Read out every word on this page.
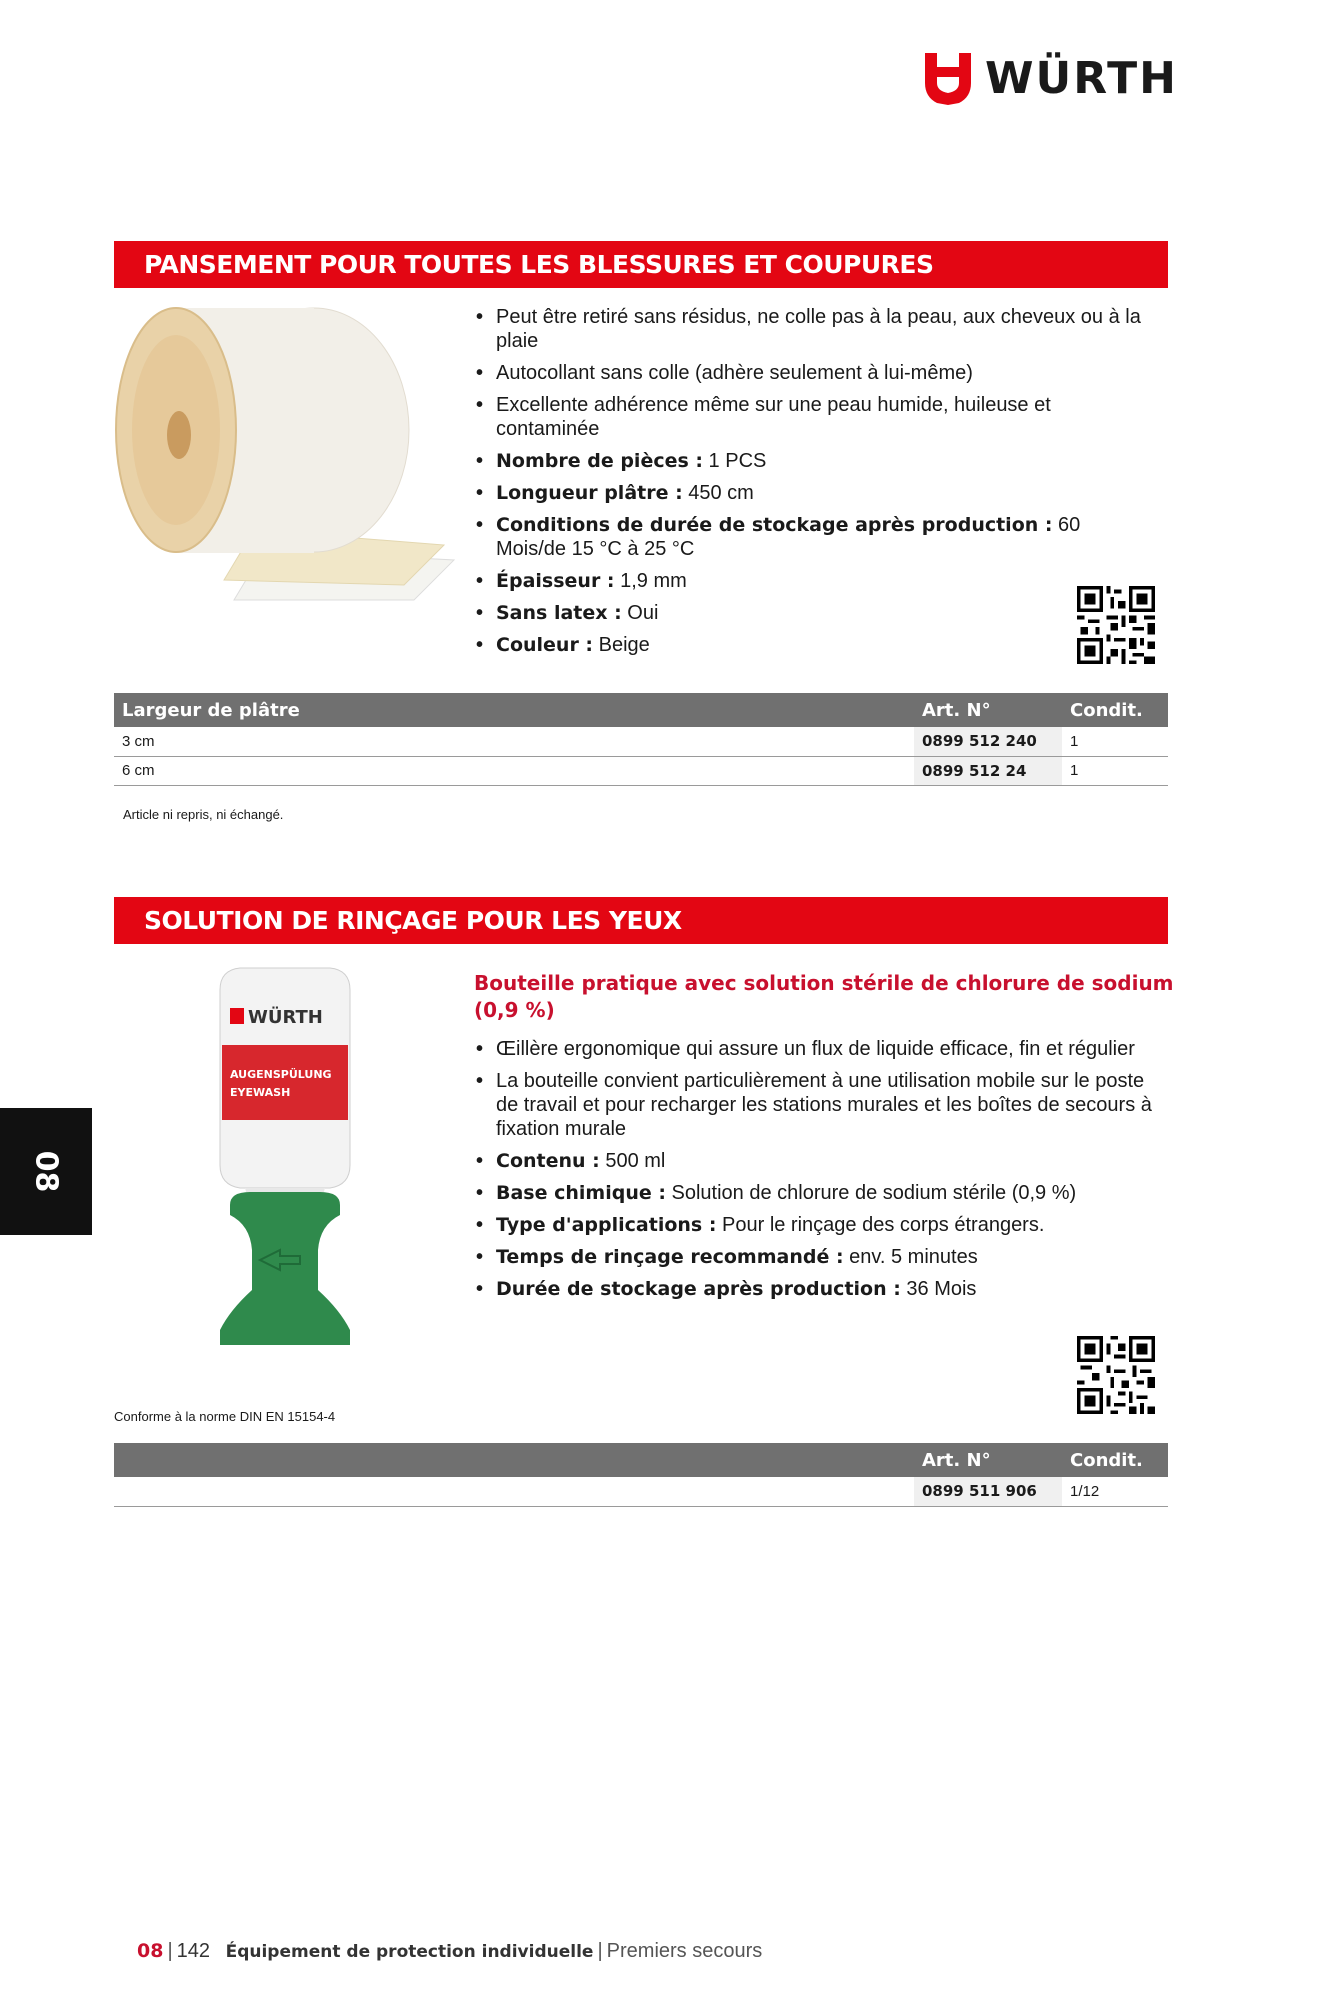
WÜRTH
PANSEMENT POUR TOUTES LES BLESSURES ET COUPURES
• Peut être retiré sans résidus, ne colle pas à la peau, aux cheveux ou à la plaie
• Autocollant sans colle (adhère seulement à lui-même)
• Excellente adhérence même sur une peau humide, huileuse et contaminée
• Nombre de pièces : 1 PCS
• Longueur plâtre : 450 cm
• Conditions de durée de stockage après production : 60 Mois/de 15 °C à 25 °C
• Épaisseur : 1,9 mm
• Sans latex : Oui
• Couleur : Beige
Largeur de plâtre	Art. N°	Condit.
3 cm	0899 512 240	1
6 cm	0899 512 24	1
Article ni repris, ni échangé.
SOLUTION DE RINÇAGE POUR LES YEUX
WÜRTH
AUGENSPÜLUNG
EYEWASH
Bouteille pratique avec solution stérile de chlorure de sodium (0,9 %)
• Œillère ergonomique qui assure un flux de liquide efficace, fin et régulier
• La bouteille convient particulièrement à une utilisation mobile sur le poste de travail et pour recharger les stations murales et les boîtes de secours à fixation murale
• Contenu : 500 ml
• Base chimique : Solution de chlorure de sodium stérile (0,9 %)
• Type d'applications : Pour le rinçage des corps étrangers.
• Temps de rinçage recommandé : env. 5 minutes
• Durée de stockage après production : 36 Mois
Conforme à la norme DIN EN 15154-4
	Art. N°	Condit.
	0899 511 906	1/12
08
08 | 142 Équipement de protection individuelle | Premiers secours
